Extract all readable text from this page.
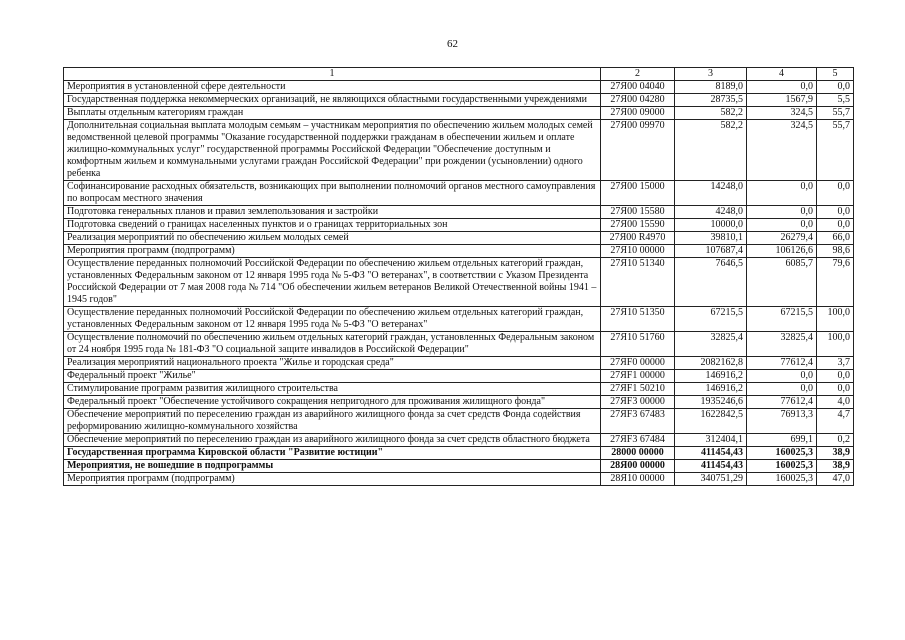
62
1	2	3	4	5
Мероприятия в установленной сфере деятельности	27Я00 04040	8189,0	0,0	0,0
Государственная поддержка некоммерческих организаций, не являющихся областными государственными учреждениями	27Я00 04280	28735,5	1567,9	5,5
Выплаты отдельным категориям граждан	27Я00 09000	582,2	324,5	55,7
Дополнительная социальная выплата молодым семьям – участникам мероприятия по обеспечению жильем молодых семей ведомственной целевой программы "Оказание государственной поддержки гражданам в обеспечении жильем и оплате жилищно-коммунальных услуг" государственной программы Российской Федерации "Обеспечение доступным и комфортным жильем и коммунальными услугами граждан Российской Федерации" при рождении (усыновлении) одного ребенка	27Я00 09970	582,2	324,5	55,7
Софинансирование расходных обязательств, возникающих при выполнении полномочий органов местного самоуправления по вопросам местного значения	27Я00 15000	14248,0	0,0	0,0
Подготовка генеральных планов и правил землепользования и застройки	27Я00 15580	4248,0	0,0	0,0
Подготовка сведений о границах населенных пунктов и о границах территориальных зон	27Я00 15590	10000,0	0,0	0,0
Реализация мероприятий по обеспечению жильем молодых семей	27Я00 R4970	39810,1	26279,4	66,0
Мероприятия программ (подпрограмм)	27Я10 00000	107687,4	106126,6	98,6
Осуществление переданных полномочий Российской Федерации по обеспечению жильем отдельных категорий граждан, установленных Федеральным законом от 12 января 1995 года № 5-ФЗ "О ветеранах", в соответствии с Указом Президента Российской Федерации от 7 мая 2008 года № 714 "Об обеспечении жильем ветеранов Великой Отечественной войны 1941 – 1945 годов"	27Я10 51340	7646,5	6085,7	79,6
Осуществление переданных полномочий Российской Федерации по обеспечению жильем отдельных категорий граждан, установленных Федеральным законом от 12 января 1995 года № 5-ФЗ "О ветеранах"	27Я10 51350	67215,5	67215,5	100,0
Осуществление полномочий по обеспечению жильем отдельных категорий граждан, установленных Федеральным законом от 24 ноября 1995 года № 181-ФЗ "О социальной защите инвалидов в Российской Федерации"	27Я10 51760	32825,4	32825,4	100,0
Реализация мероприятий национального проекта "Жилье и городская среда"	27ЯF0 00000	2082162,8	77612,4	3,7
Федеральный проект "Жилье"	27ЯF1 00000	146916,2	0,0	0,0
Стимулирование программ развития жилищного строительства	27ЯF1 50210	146916,2	0,0	0,0
Федеральный проект "Обеспечение устойчивого сокращения непригодного для проживания жилищного фонда"	27ЯF3 00000	1935246,6	77612,4	4,0
Обеспечение мероприятий по переселению граждан из аварийного жилищного фонда за счет средств Фонда содействия реформированию жилищно-коммунального хозяйства	27ЯF3 67483	1622842,5	76913,3	4,7
Обеспечение мероприятий по переселению граждан из аварийного жилищного фонда за счет средств областного бюджета	27ЯF3 67484	312404,1	699,1	0,2
Государственная программа Кировской области "Развитие юстиции"	28000 00000	411454,43	160025,3	38,9
Мероприятия, не вошедшие в подпрограммы	28Я00 00000	411454,43	160025,3	38,9
Мероприятия программ (подпрограмм)	28Я10 00000	340751,29	160025,3	47,0
